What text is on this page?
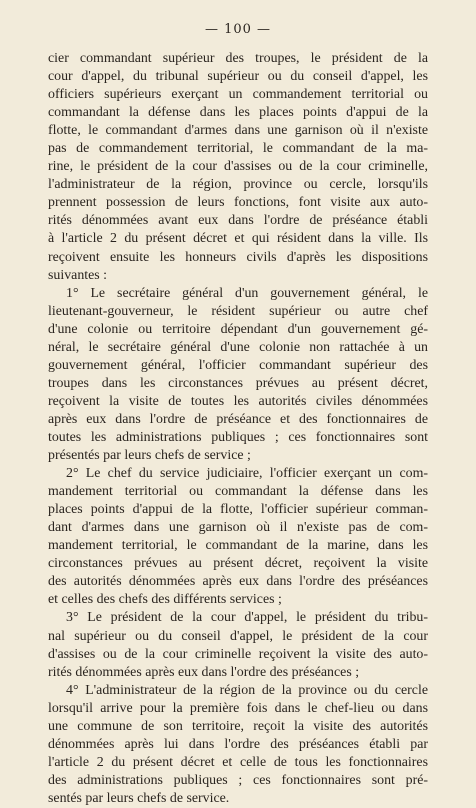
— 100 —
cier commandant supérieur des troupes, le président de la
cour d'appel, du tribunal supérieur ou du conseil d'appel, les
officiers supérieurs exerçant un commandement territorial ou
commandant la défense dans les places points d'appui de la
flotte, le commandant d'armes dans une garnison où il n'existe
pas de commandement territorial, le commandant de la ma-
rine, le président de la cour d'assises ou de la cour criminelle,
l'administrateur de la région, province ou cercle, lorsqu'ils
prennent possession de leurs fonctions, font visite aux auto-
rités dénommées avant eux dans l'ordre de préséance établi
à l'article 2 du présent décret et qui résident dans la ville. Ils
reçoivent ensuite les honneurs civils d'après les dispositions
suivantes :
1° Le secrétaire général d'un gouvernement général, le
lieutenant-gouverneur, le résident supérieur ou autre chef
d'une colonie ou territoire dépendant d'un gouvernement gé-
néral, le secrétaire général d'une colonie non rattachée à un
gouvernement général, l'officier commandant supérieur des
troupes dans les circonstances prévues au présent décret,
reçoivent la visite de toutes les autorités civiles dénommées
après eux dans l'ordre de préséance et des fonctionnaires de
toutes les administrations publiques ; ces fonctionnaires sont
présentés par leurs chefs de service ;
2° Le chef du service judiciaire, l'officier exerçant un com-
mandement territorial ou commandant la défense dans les
places points d'appui de la flotte, l'officier supérieur comman-
dant d'armes dans une garnison où il n'existe pas de com-
mandement territorial, le commandant de la marine, dans les
circonstances prévues au présent décret, reçoivent la visite
des autorités dénommées après eux dans l'ordre des préséances
et celles des chefs des différents services ;
3° Le président de la cour d'appel, le président du tribu-
nal supérieur ou du conseil d'appel, le président de la cour
d'assises ou de la cour criminelle reçoivent la visite des auto-
rités dénommées après eux dans l'ordre des préséances ;
4° L'administrateur de la région de la province ou du cercle
lorsqu'il arrive pour la première fois dans le chef-lieu ou dans
une commune de son territoire, reçoit la visite des autorités
dénommées après lui dans l'ordre des préséances établi par
l'article 2 du présent décret et celle de tous les fonctionnaires
des administrations publiques ; ces fonctionnaires sont pré-
sentés par leurs chefs de service.
